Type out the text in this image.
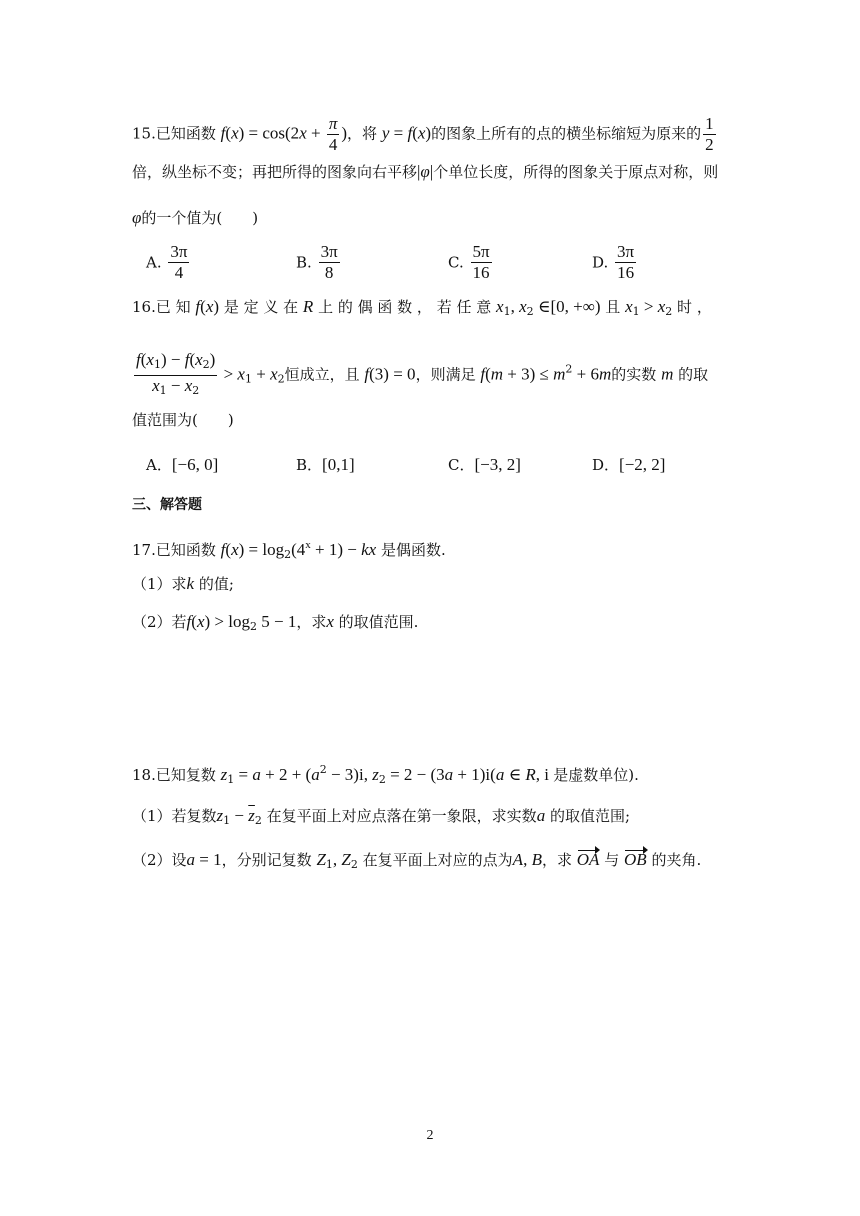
15.已知函数 $f(x) = \cos(2x + \frac{\pi}{4}$ )，将 y = f(x)的图象上所有的点的横坐标缩短为原来的 $\frac{1}{2}$
倍，纵坐标不变；再把所得的图象向右平移|φ|个单位长度，所得的图象关于原点对称，则
φ的一个值为(　　)
A. $\frac{3\pi}{4}$	B. $\frac{3\pi}{8}$	C. $\frac{5\pi}{16}$	D. $\frac{3\pi}{16}$
16.已 知 f(x) 是 定 义 在 R 上 的 偶 函 数 ， 若 任 意 $x_1$, $x_2$ ∈[0, +∞) 且 $x_1 > x_2$ 时 ，
$\frac{f(x_1) - f(x_2)}{x_1 - x_2} > x_1 + x_2$恒成立，且 f(3) = 0，则满足 $f(m + 3) \le m^2 + 6m$的实数 m 的取
值范围为(　　)
A．[−6, 0]	B．[0,1]	C．[−3, 2]	D．[−2, 2]
三、解答题
17.已知函数 $f(x) = \log_2(4^x + 1)$ − kx 是偶函数.
（1）求k 的值;
（2）若$f(x) > \log_2 5 - 1$，求x 的取值范围.
18.已知复数 $z_1 = a + 2 + (a^2 - 3)i$, $z_2 = 2 - (3a + 1)i(a$ ∈ R, i 是虚数单位).
（1）若复数$z_1 - \overline{z}_2$ 在复平面上对应点落在第一象限，求实数a 的取值范围;
（2）设a = 1，分别记复数 $Z_1$, $Z_2$ 在复平面上对应的点为A, B，求 OA 与 OB 的夹角.
2
